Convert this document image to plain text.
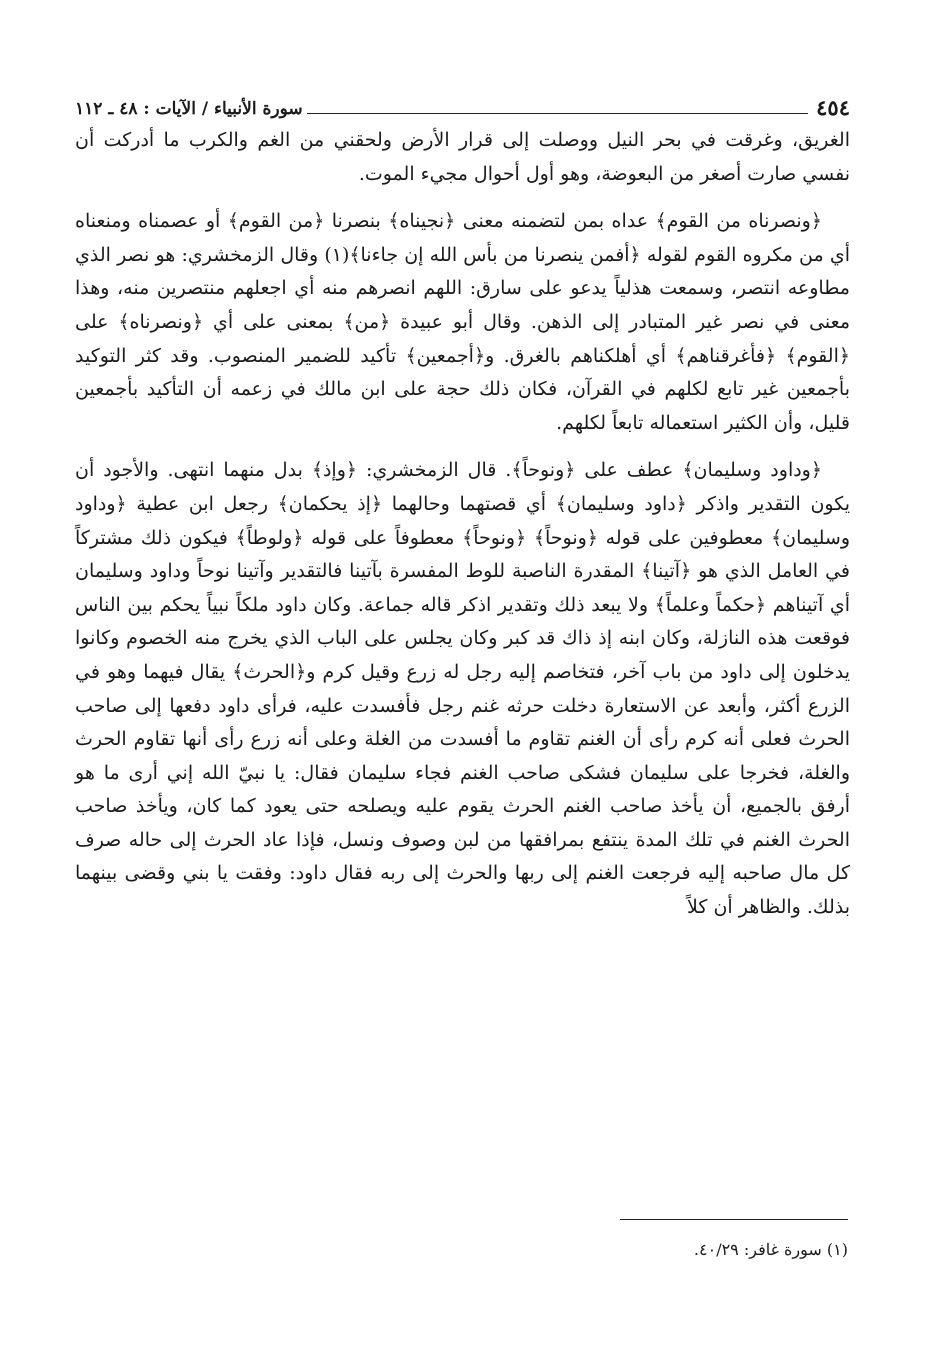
٤٥٤
سورة الأنبياء / الآيات : ٤٨ ـ ١١٢

الغريق، وغرقت في بحر النيل ووصلت إلى قرار الأرض ولحقني من الغم والكرب ما أدركت أن نفسي صارت أصغر من البعوضة، وهو أول أحوال مجيء الموت.

﴿ونصرناه من القوم﴾ عداه بمن لتضمنه معنى ﴿نجيناه﴾ بنصرنا ﴿من القوم﴾ أو عصمناه ومنعناه أي من مكروه القوم لقوله ﴿أفمن ينصرنا من بأس الله إن جاءنا﴾(١) وقال الزمخشري: هو نصر الذي مطاوعه انتصر، وسمعت هذلياً يدعو على سارق: اللهم انصرهم منه أي اجعلهم منتصرين منه، وهذا معنى في نصر غير المتبادر إلى الذهن. وقال أبو عبيدة ﴿من﴾ بمعنى على أي ﴿ونصرناه﴾ على ﴿القوم﴾ ﴿فأغرقناهم﴾ أي أهلكناهم بالغرق. و﴿أجمعين﴾ تأكيد للضمير المنصوب. وقد كثر التوكيد بأجمعين غير تابع لكلهم في القرآن، فكان ذلك حجة على ابن مالك في زعمه أن التأكيد بأجمعين قليل، وأن الكثير استعماله تابعاً لكلهم.

﴿وداود وسليمان﴾ عطف على ﴿ونوحاً﴾. قال الزمخشري: ﴿وإذ﴾ بدل منهما انتهى. والأجود أن يكون التقدير واذكر ﴿داود وسليمان﴾ أي قصتهما وحالهما ﴿إذ يحكمان﴾ رجعل ابن عطية ﴿وداود وسليمان﴾ معطوفين على قوله ﴿ونوحاً﴾ ﴿ونوحاً﴾ معطوفاً على قوله ﴿ولوطاً﴾ فيكون ذلك مشتركاً في العامل الذي هو ﴿آتينا﴾ المقدرة الناصبة للوط المفسرة بآتينا فالتقدير وآتينا نوحاً وداود وسليمان أي آتيناهم ﴿حكماً وعلماً﴾ ولا يبعد ذلك وتقدير اذكر قاله جماعة. وكان داود ملكاً نبياً يحكم بين الناس فوقعت هذه النازلة، وكان ابنه إذ ذاك قد كبر وكان يجلس على الباب الذي يخرج منه الخصوم وكانوا يدخلون إلى داود من باب آخر، فتخاصم إليه رجل له زرع وقيل كرم و﴿الحرث﴾ يقال فيهما وهو في الزرع أكثر، وأبعد عن الاستعارة دخلت حرثه غنم رجل فأفسدت عليه، فرأى داود دفعها إلى صاحب الحرث فعلى أنه كرم رأى أن الغنم تقاوم ما أفسدت من الغلة وعلى أنه زرع رأى أنها تقاوم الحرث والغلة، فخرجا على سليمان فشكى صاحب الغنم فجاء سليمان فقال: يا نبيّ الله إني أرى ما هو أرفق بالجميع، أن يأخذ صاحب الغنم الحرث يقوم عليه ويصلحه حتى يعود كما كان، ويأخذ صاحب الحرث الغنم في تلك المدة ينتفع بمرافقها من لبن وصوف ونسل، فإذا عاد الحرث إلى حاله صرف كل مال صاحبه إليه فرجعت الغنم إلى ربها والحرث إلى ربه فقال داود: وفقت يا بني وقضى بينهما بذلك. والظاهر أن كلاً

(١) سورة غافر: ٤٠/٢٩.
